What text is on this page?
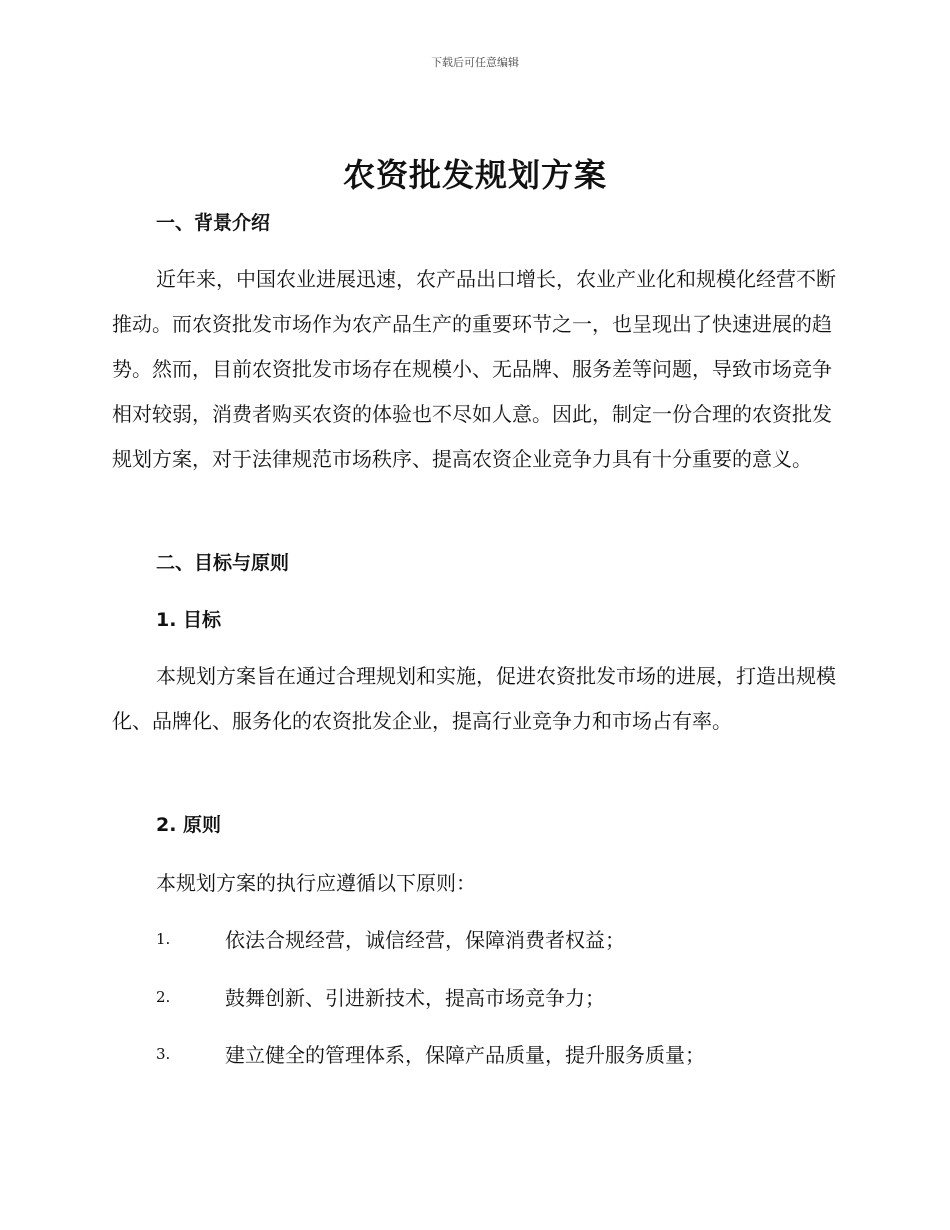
下载后可任意编辑
农资批发规划方案
一、背景介绍

近年来，中国农业进展迅速，农产品出口增长，农业产业化和规模化经营不断推动。而农资批发市场作为农产品生产的重要环节之一，也呈现出了快速进展的趋势。然而，目前农资批发市场存在规模小、无品牌、服务差等问题，导致市场竞争相对较弱，消费者购买农资的体验也不尽如人意。因此，制定一份合理的农资批发规划方案，对于法律规范市场秩序、提高农资企业竞争力具有十分重要的意义。

二、目标与原则
1. 目标

本规划方案旨在通过合理规划和实施，促进农资批发市场的进展，打造出规模化、品牌化、服务化的农资批发企业，提高行业竞争力和市场占有率。

2. 原则
本规划方案的执行应遵循以下原则：
1.	依法合规经营，诚信经营，保障消费者权益；
2.	鼓舞创新、引进新技术，提高市场竞争力；
3.	建立健全的管理体系，保障产品质量，提升服务质量；
